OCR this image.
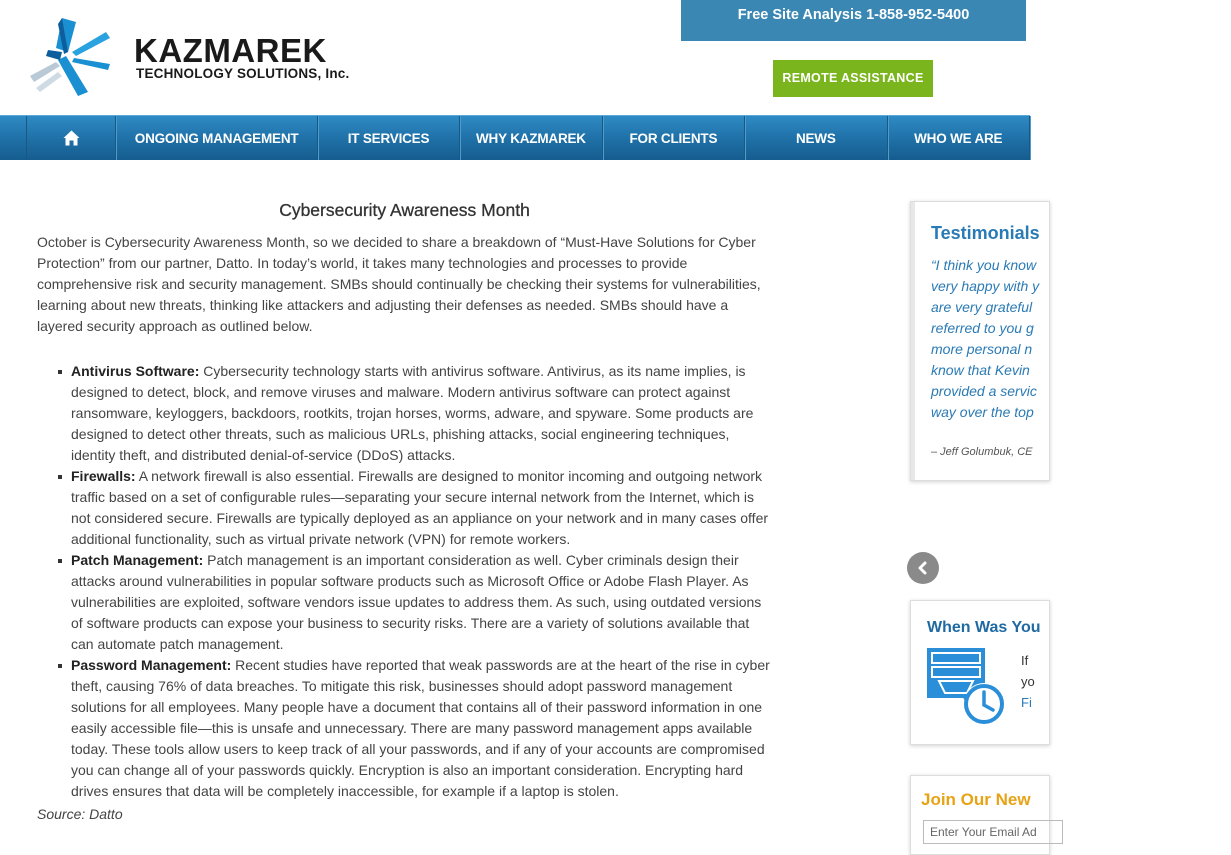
KAZMAREK
TECHNOLOGY SOLUTIONS, Inc.
Free Site Analysis 1-858-952-5400
REMOTE ASSISTANCE
ONGOING MANAGEMENT	IT SERVICES	WHY KAZMAREK	FOR CLIENTS	NEWS	WHO WE ARE
Cybersecurity Awareness Month

October is Cybersecurity Awareness Month, so we decided to share a breakdown of “Must-Have Solutions for Cyber Protection” from our partner, Datto. In today’s world, it takes many technologies and processes to provide comprehensive risk and security management. SMBs should continually be checking their systems for vulnerabilities, learning about new threats, thinking like attackers and adjusting their defenses as needed. SMBs should have a layered security approach as outlined below.

Antivirus Software: Cybersecurity technology starts with antivirus software. Antivirus, as its name implies, is designed to detect, block, and remove viruses and malware. Modern antivirus software can protect against ransomware, keyloggers, backdoors, rootkits, trojan horses, worms, adware, and spyware. Some products are designed to detect other threats, such as malicious URLs, phishing attacks, social engineering techniques, identity theft, and distributed denial-of-service (DDoS) attacks.
Firewalls: A network firewall is also essential. Firewalls are designed to monitor incoming and outgoing network traffic based on a set of configurable rules—separating your secure internal network from the Internet, which is not considered secure. Firewalls are typically deployed as an appliance on your network and in many cases offer additional functionality, such as virtual private network (VPN) for remote workers.
Patch Management: Patch management is an important consideration as well. Cyber criminals design their attacks around vulnerabilities in popular software products such as Microsoft Office or Adobe Flash Player. As vulnerabilities are exploited, software vendors issue updates to address them. As such, using outdated versions of software products can expose your business to security risks. There are a variety of solutions available that can automate patch management.
Password Management: Recent studies have reported that weak passwords are at the heart of the rise in cyber theft, causing 76% of data breaches. To mitigate this risk, businesses should adopt password management solutions for all employees. Many people have a document that contains all of their password information in one easily accessible file—this is unsafe and unnecessary. There are many password management apps available today. These tools allow users to keep track of all your passwords, and if any of your accounts are compromised you can change all of your passwords quickly. Encryption is also an important consideration. Encrypting hard drives ensures that data will be completely inaccessible, for example if a laptop is stolen.

Source: Datto

Testimonials
“I think you know
very happy with y
are very grateful
referred to you g
more personal n
know that Kevin
provided a servic
way over the top
– Jeff Golumbuk, CE
When Was You
If
yo
Fi
Join Our New
Enter Your Email Ad
